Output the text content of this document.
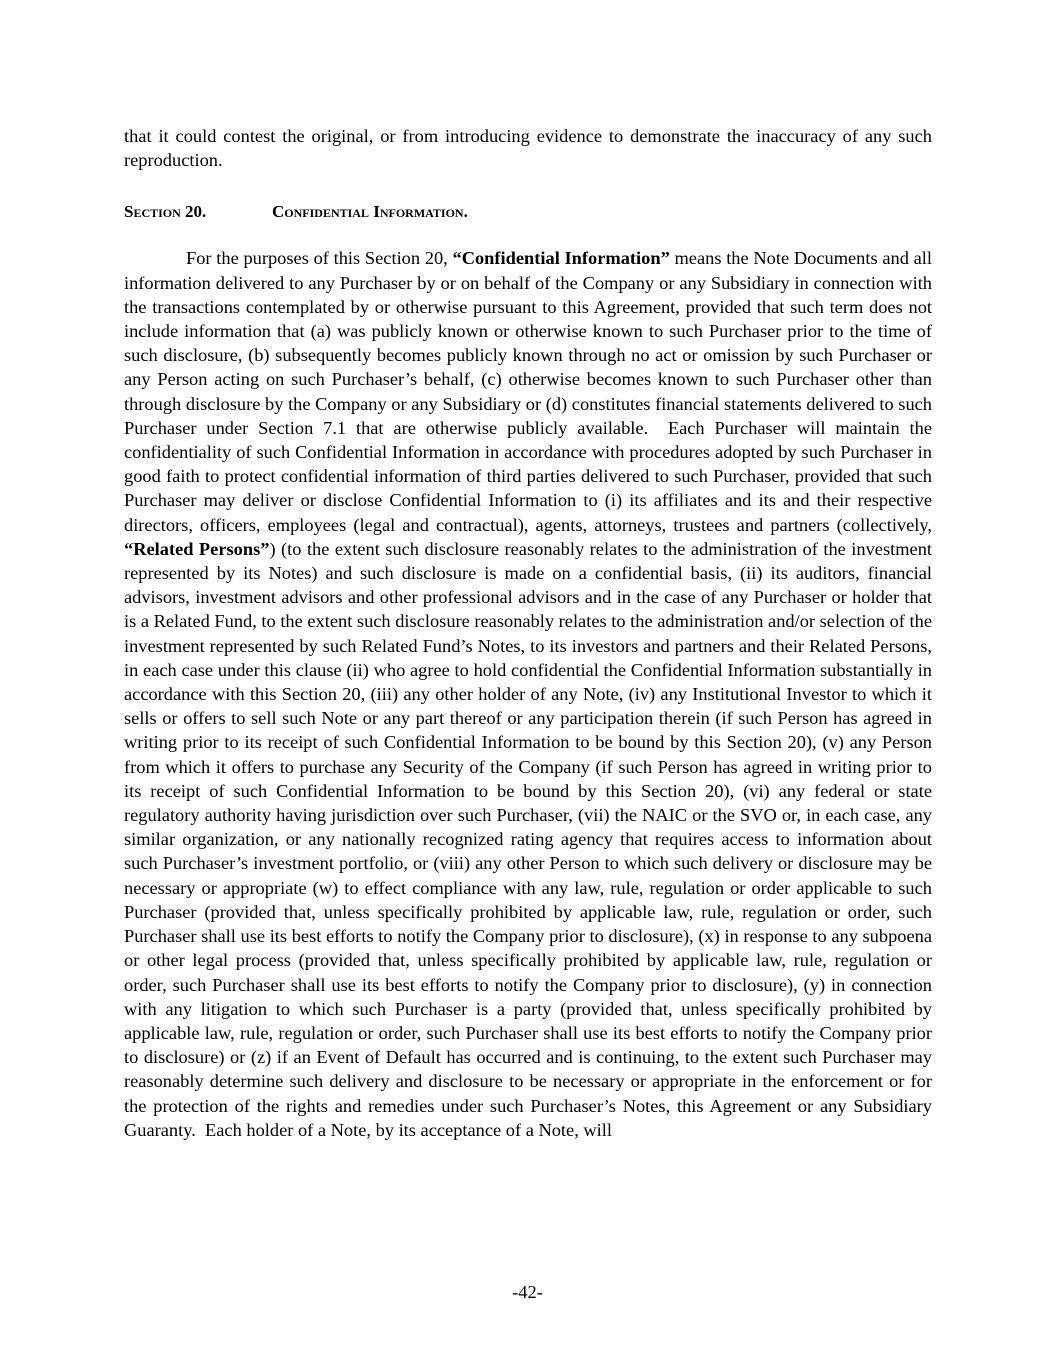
that it could contest the original, or from introducing evidence to demonstrate the inaccuracy of any such reproduction.

Section 20.	Confidential Information.

For the purposes of this Section 20, “Confidential Information” means the Note Documents and all information delivered to any Purchaser by or on behalf of the Company or any Subsidiary in connection with the transactions contemplated by or otherwise pursuant to this Agreement, provided that such term does not include information that (a) was publicly known or otherwise known to such Purchaser prior to the time of such disclosure, (b) subsequently becomes publicly known through no act or omission by such Purchaser or any Person acting on such Purchaser’s behalf, (c) otherwise becomes known to such Purchaser other than through disclosure by the Company or any Subsidiary or (d) constitutes financial statements delivered to such Purchaser under Section 7.1 that are otherwise publicly available.  Each Purchaser will maintain the confidentiality of such Confidential Information in accordance with procedures adopted by such Purchaser in good faith to protect confidential information of third parties delivered to such Purchaser, provided that such Purchaser may deliver or disclose Confidential Information to (i) its affiliates and its and their respective directors, officers, employees (legal and contractual), agents, attorneys, trustees and partners (collectively, “Related Persons”) (to the extent such disclosure reasonably relates to the administration of the investment represented by its Notes) and such disclosure is made on a confidential basis, (ii) its auditors, financial advisors, investment advisors and other professional advisors and in the case of any Purchaser or holder that is a Related Fund, to the extent such disclosure reasonably relates to the administration and/or selection of the investment represented by such Related Fund’s Notes, to its investors and partners and their Related Persons, in each case under this clause (ii) who agree to hold confidential the Confidential Information substantially in accordance with this Section 20, (iii) any other holder of any Note, (iv) any Institutional Investor to which it sells or offers to sell such Note or any part thereof or any participation therein (if such Person has agreed in writing prior to its receipt of such Confidential Information to be bound by this Section 20), (v) any Person from which it offers to purchase any Security of the Company (if such Person has agreed in writing prior to its receipt of such Confidential Information to be bound by this Section 20), (vi) any federal or state regulatory authority having jurisdiction over such Purchaser, (vii) the NAIC or the SVO or, in each case, any similar organization, or any nationally recognized rating agency that requires access to information about such Purchaser’s investment portfolio, or (viii) any other Person to which such delivery or disclosure may be necessary or appropriate (w) to effect compliance with any law, rule, regulation or order applicable to such Purchaser (provided that, unless specifically prohibited by applicable law, rule, regulation or order, such Purchaser shall use its best efforts to notify the Company prior to disclosure), (x) in response to any subpoena or other legal process (provided that, unless specifically prohibited by applicable law, rule, regulation or order, such Purchaser shall use its best efforts to notify the Company prior to disclosure), (y) in connection with any litigation to which such Purchaser is a party (provided that, unless specifically prohibited by applicable law, rule, regulation or order, such Purchaser shall use its best efforts to notify the Company prior to disclosure) or (z) if an Event of Default has occurred and is continuing, to the extent such Purchaser may reasonably determine such delivery and disclosure to be necessary or appropriate in the enforcement or for the protection of the rights and remedies under such Purchaser’s Notes, this Agreement or any Subsidiary Guaranty.  Each holder of a Note, by its acceptance of a Note, will

-42-
